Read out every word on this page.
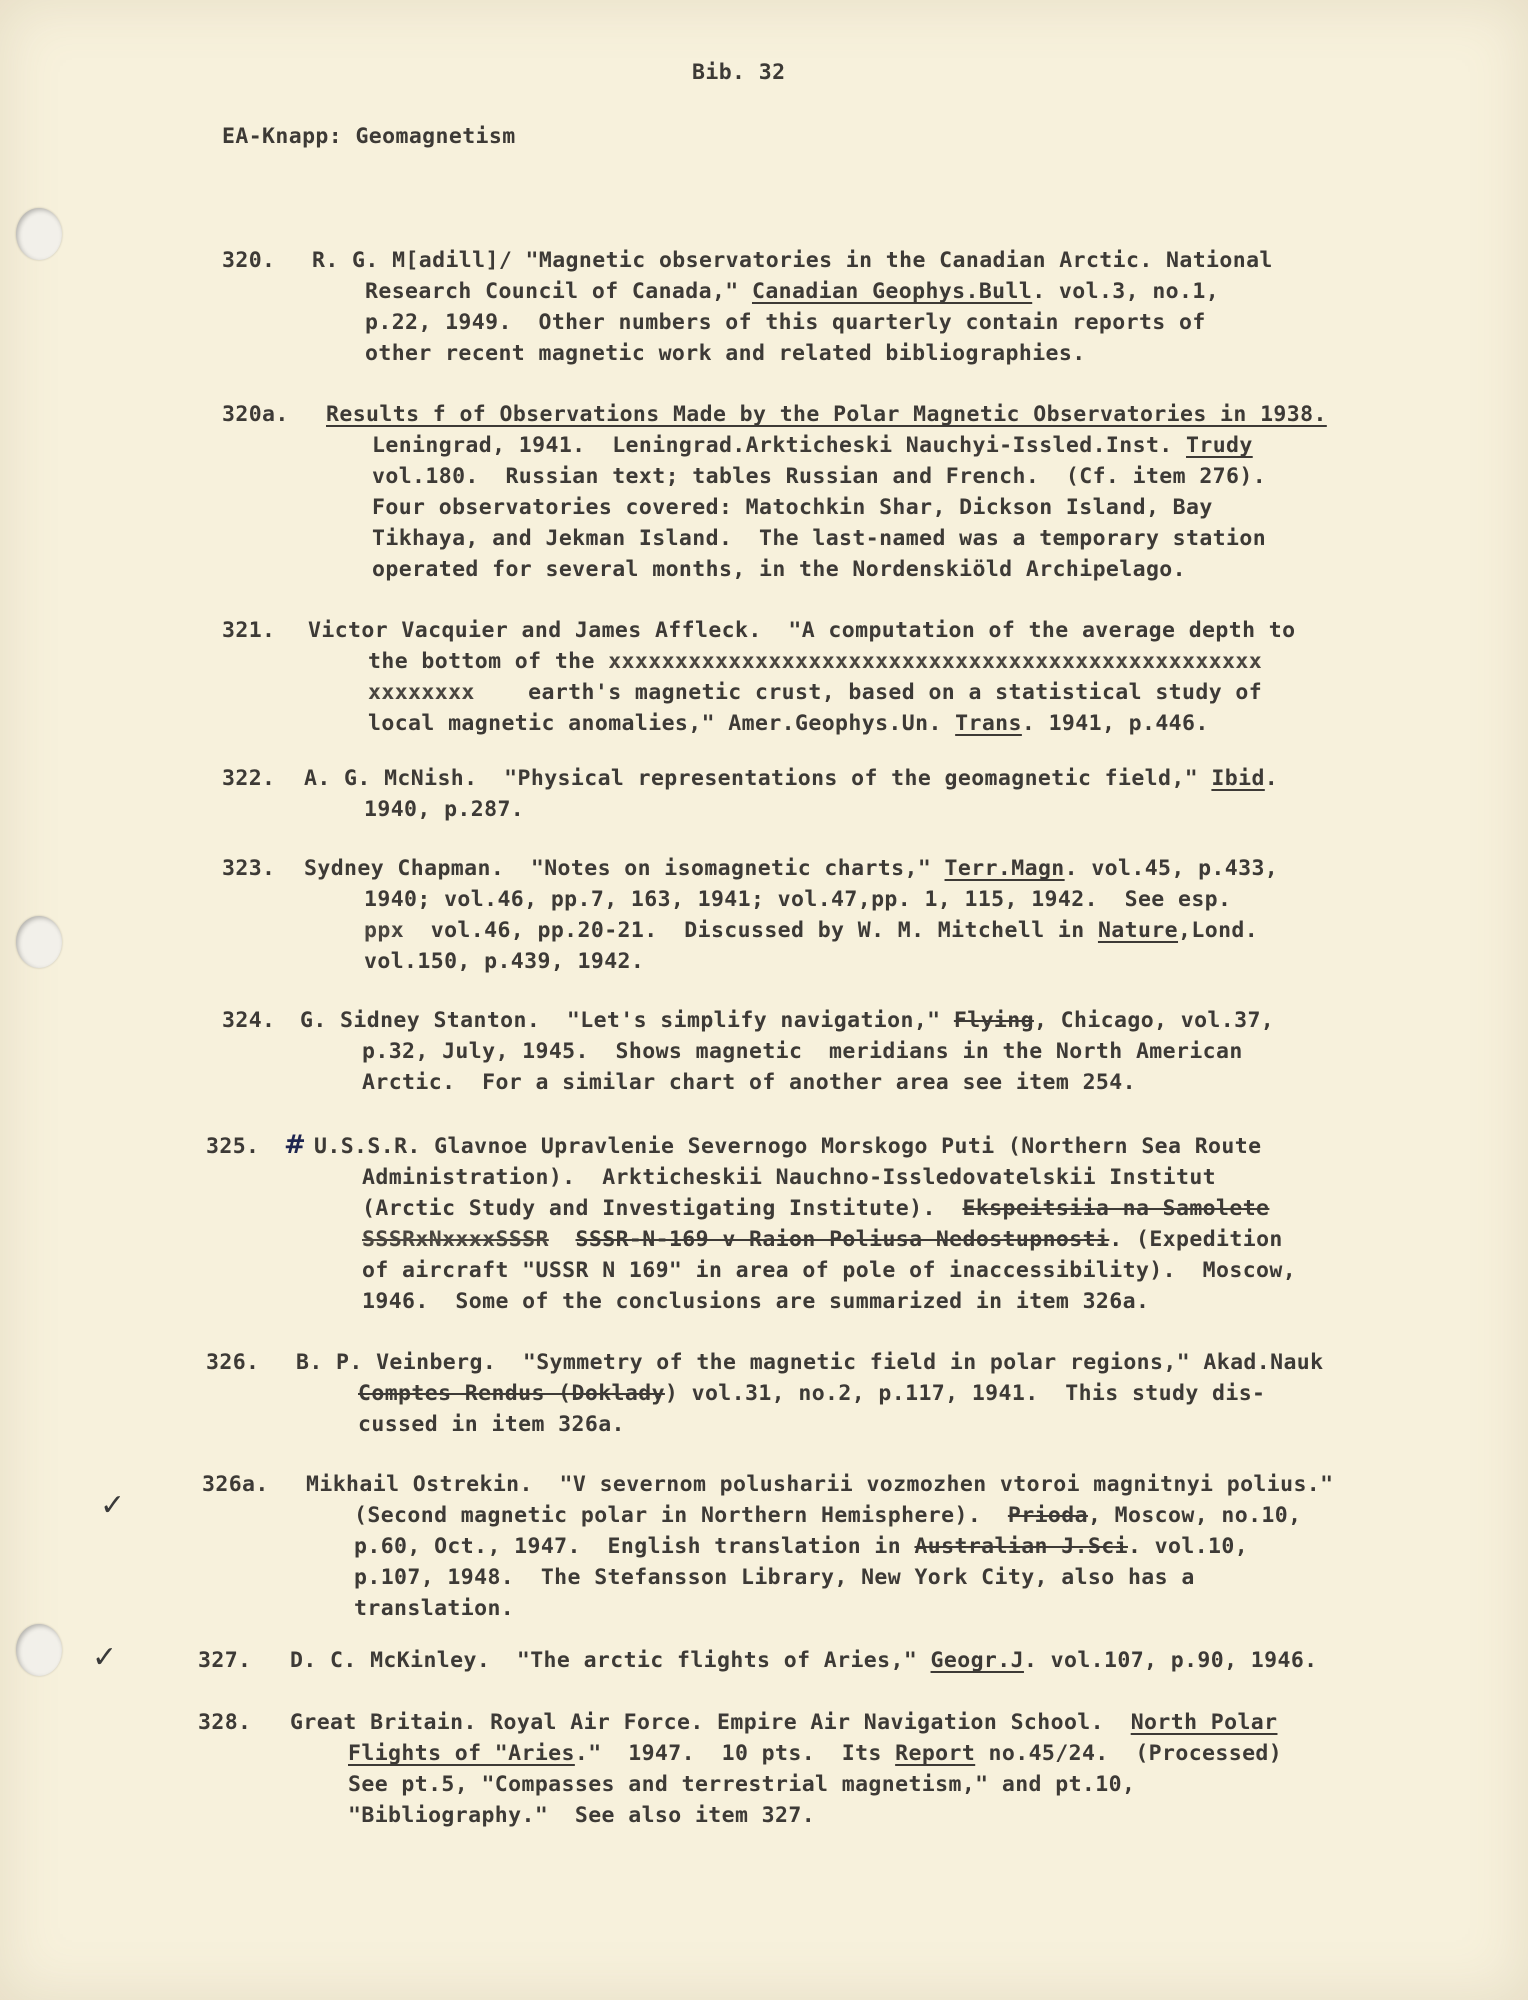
Bib. 32
EA-Knapp: Geomagnetism
320. R. G. M[adill]/ "Magnetic observatories in the Canadian Arctic. National
Research Council of Canada," Canadian Geophys.Bull. vol.3, no.1,
p.22, 1949.  Other numbers of this quarterly contain reports of
other recent magnetic work and related bibliographies.
320a. Results f of Observations Made by the Polar Magnetic Observatories in 1938.
Leningrad, 1941.  Leningrad.Arkticheski Nauchyi-Issled.Inst. Trudy
vol.180.  Russian text; tables Russian and French.  (Cf. item 276).
Four observatories covered: Matochkin Shar, Dickson Island, Bay
Tikhaya, and Jekman Island.  The last-named was a temporary station
operated for several months, in the Nordenskiöld Archipelago.
321. Victor Vacquier and James Affleck.  "A computation of the average depth to
the bottom of the xxxxxxxxxxxxxxxxxxxxxxxxxxxxxxxxxxxxxxxxxxxxxxxxx
xxxxxxxx    earth's magnetic crust, based on a statistical study of
local magnetic anomalies," Amer.Geophys.Un. Trans. 1941, p.446.
322. A. G. McNish.  "Physical representations of the geomagnetic field," Ibid.
1940, p.287.
323. Sydney Chapman.  "Notes on isomagnetic charts," Terr.Magn. vol.45, p.433,
1940; vol.46, pp.7, 163, 1941; vol.47,pp. 1, 115, 1942.  See esp.
ppx  vol.46, pp.20-21.  Discussed by W. M. Mitchell in Nature,Lond.
vol.150, p.439, 1942.
324. G. Sidney Stanton.  "Let's simplify navigation," Flying, Chicago, vol.37,
p.32, July, 1945.  Shows magnetic  meridians in the North American
Arctic.  For a similar chart of another area see item 254.
325. # U.S.S.R. Glavnoe Upravlenie Severnogo Morskogo Puti (Northern Sea Route
Administration).  Arkticheskii Nauchno-Issledovatelskii Institut
(Arctic Study and Investigating Institute).  Ekspeitsiia na Samolete
SSSRxNxxxxSSSR SSSR-N-169 v Raion Poliusa Nedostupnosti. (Expedition
of aircraft "USSR N 169" in area of pole of inaccessibility).  Moscow,
1946.  Some of the conclusions are summarized in item 326a.
326. B. P. Veinberg.  "Symmetry of the magnetic field in polar regions," Akad.Nauk
Comptes Rendus (Doklady) vol.31, no.2, p.117, 1941.  This study dis-
cussed in item 326a.
326a. Mikhail Ostrekin.  "V severnom polusharii vozmozhen vtoroi magnitnyi polius."
(Second magnetic polar in Northern Hemisphere).  Prioda, Moscow, no.10,
p.60, Oct., 1947.  English translation in Australian J.Sci. vol.10,
p.107, 1948.  The Stefansson Library, New York City, also has a
translation.
✓
327. D. C. McKinley.  "The arctic flights of Aries," Geogr.J. vol.107, p.90, 1946.
✓
328. Great Britain. Royal Air Force. Empire Air Navigation School.  North Polar
Flights of "Aries."  1947.  10 pts.  Its Report no.45/24.  (Processed)
See pt.5, "Compasses and terrestrial magnetism," and pt.10,
"Bibliography."  See also item 327.
